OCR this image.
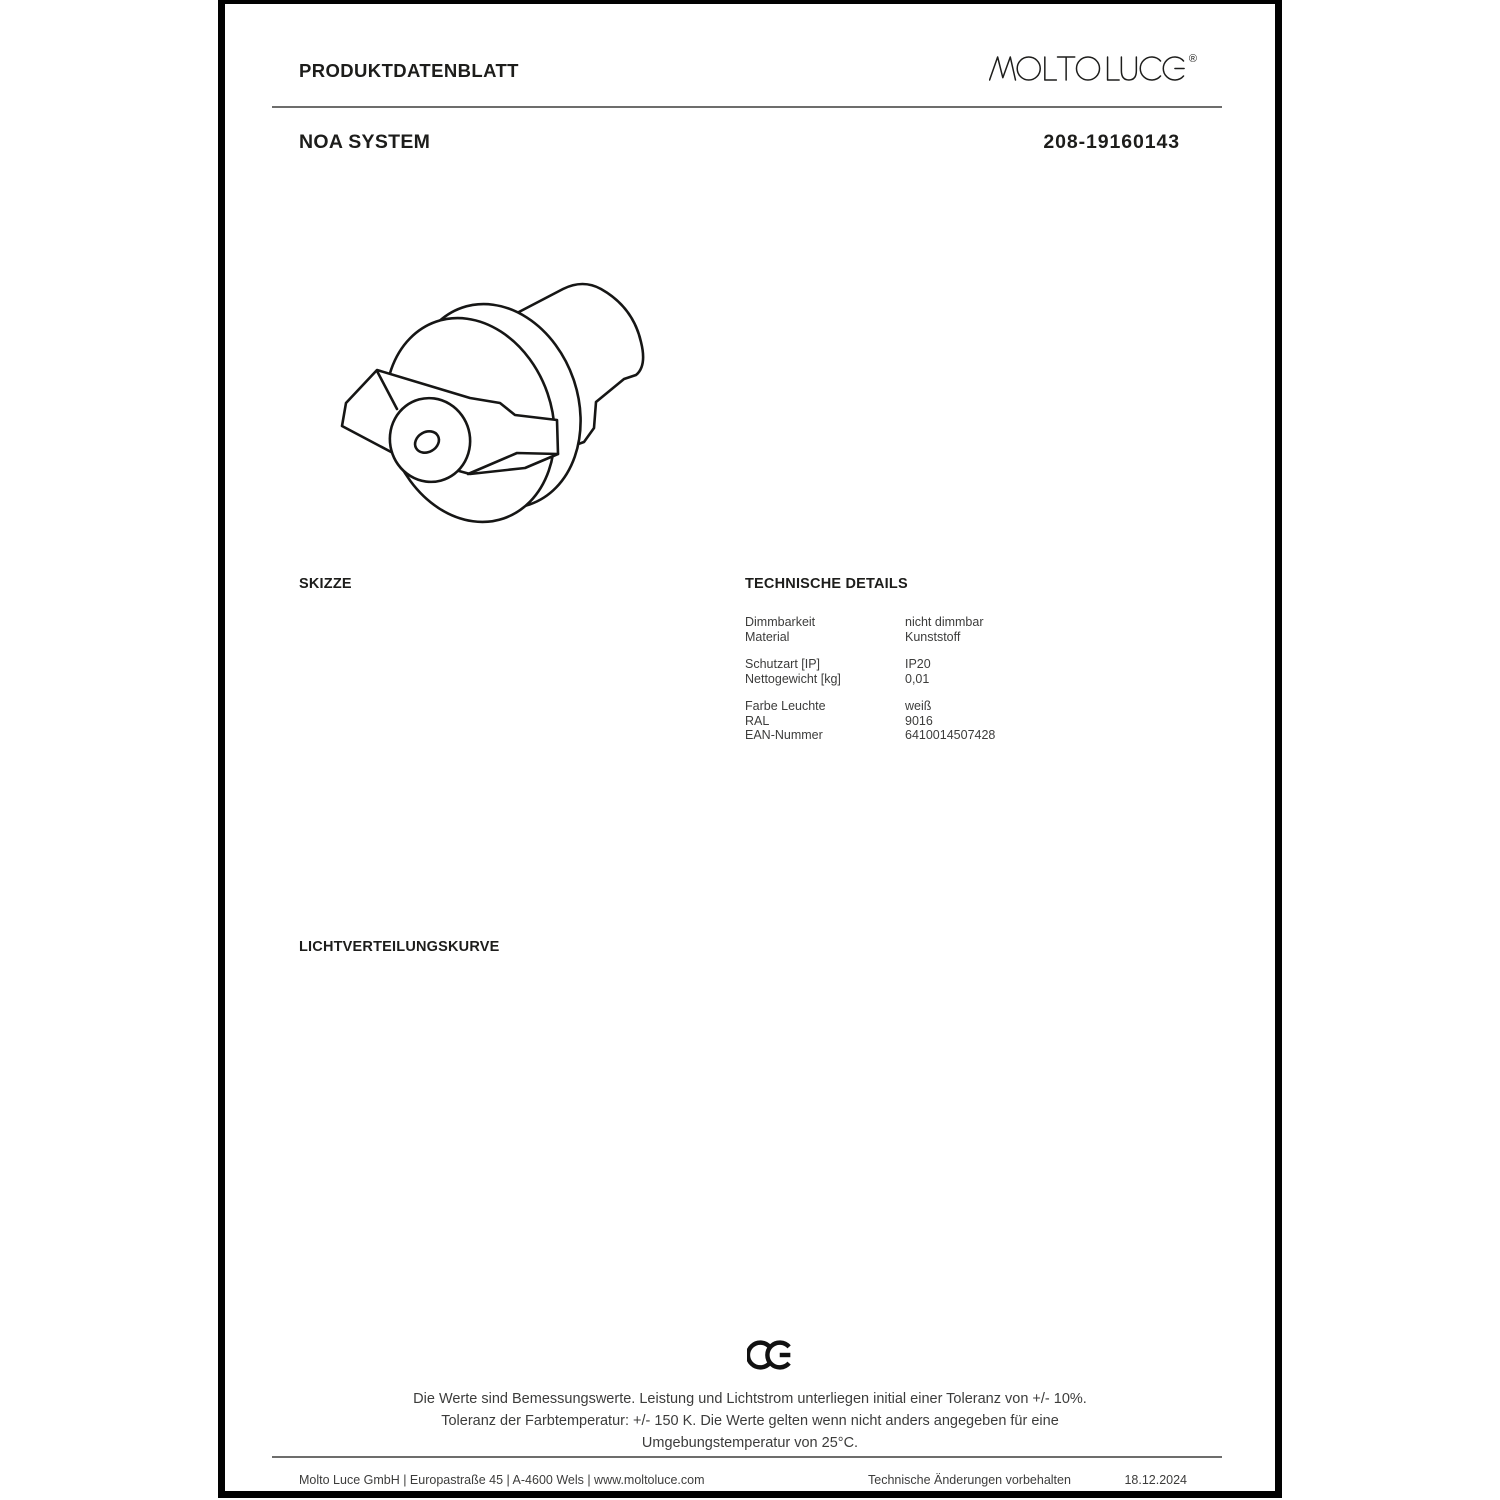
PRODUKTDATENBLATT
®
NOA SYSTEM	208-19160143
SKIZZE	TECHNISCHE DETAILS
LICHTVERTEILUNGSKURVE
Dimmbarkeit	nicht dimmbar
Material	Kunststoff
Schutzart [IP]	IP20
Nettogewicht [kg]	0,01
Farbe Leuchte	weiß
RAL	9016
EAN-Nummer	6410014507428
Die Werte sind Bemessungswerte. Leistung und Lichtstrom unterliegen initial einer Toleranz von +/- 10%.
Toleranz der Farbtemperatur: +/- 150 K. Die Werte gelten wenn nicht anders angegeben für eine
Umgebungstemperatur von 25°C.
Molto Luce GmbH | Europastraße 45 | A-4600 Wels | www.moltoluce.com	Technische Änderungen vorbehalten	18.12.2024
